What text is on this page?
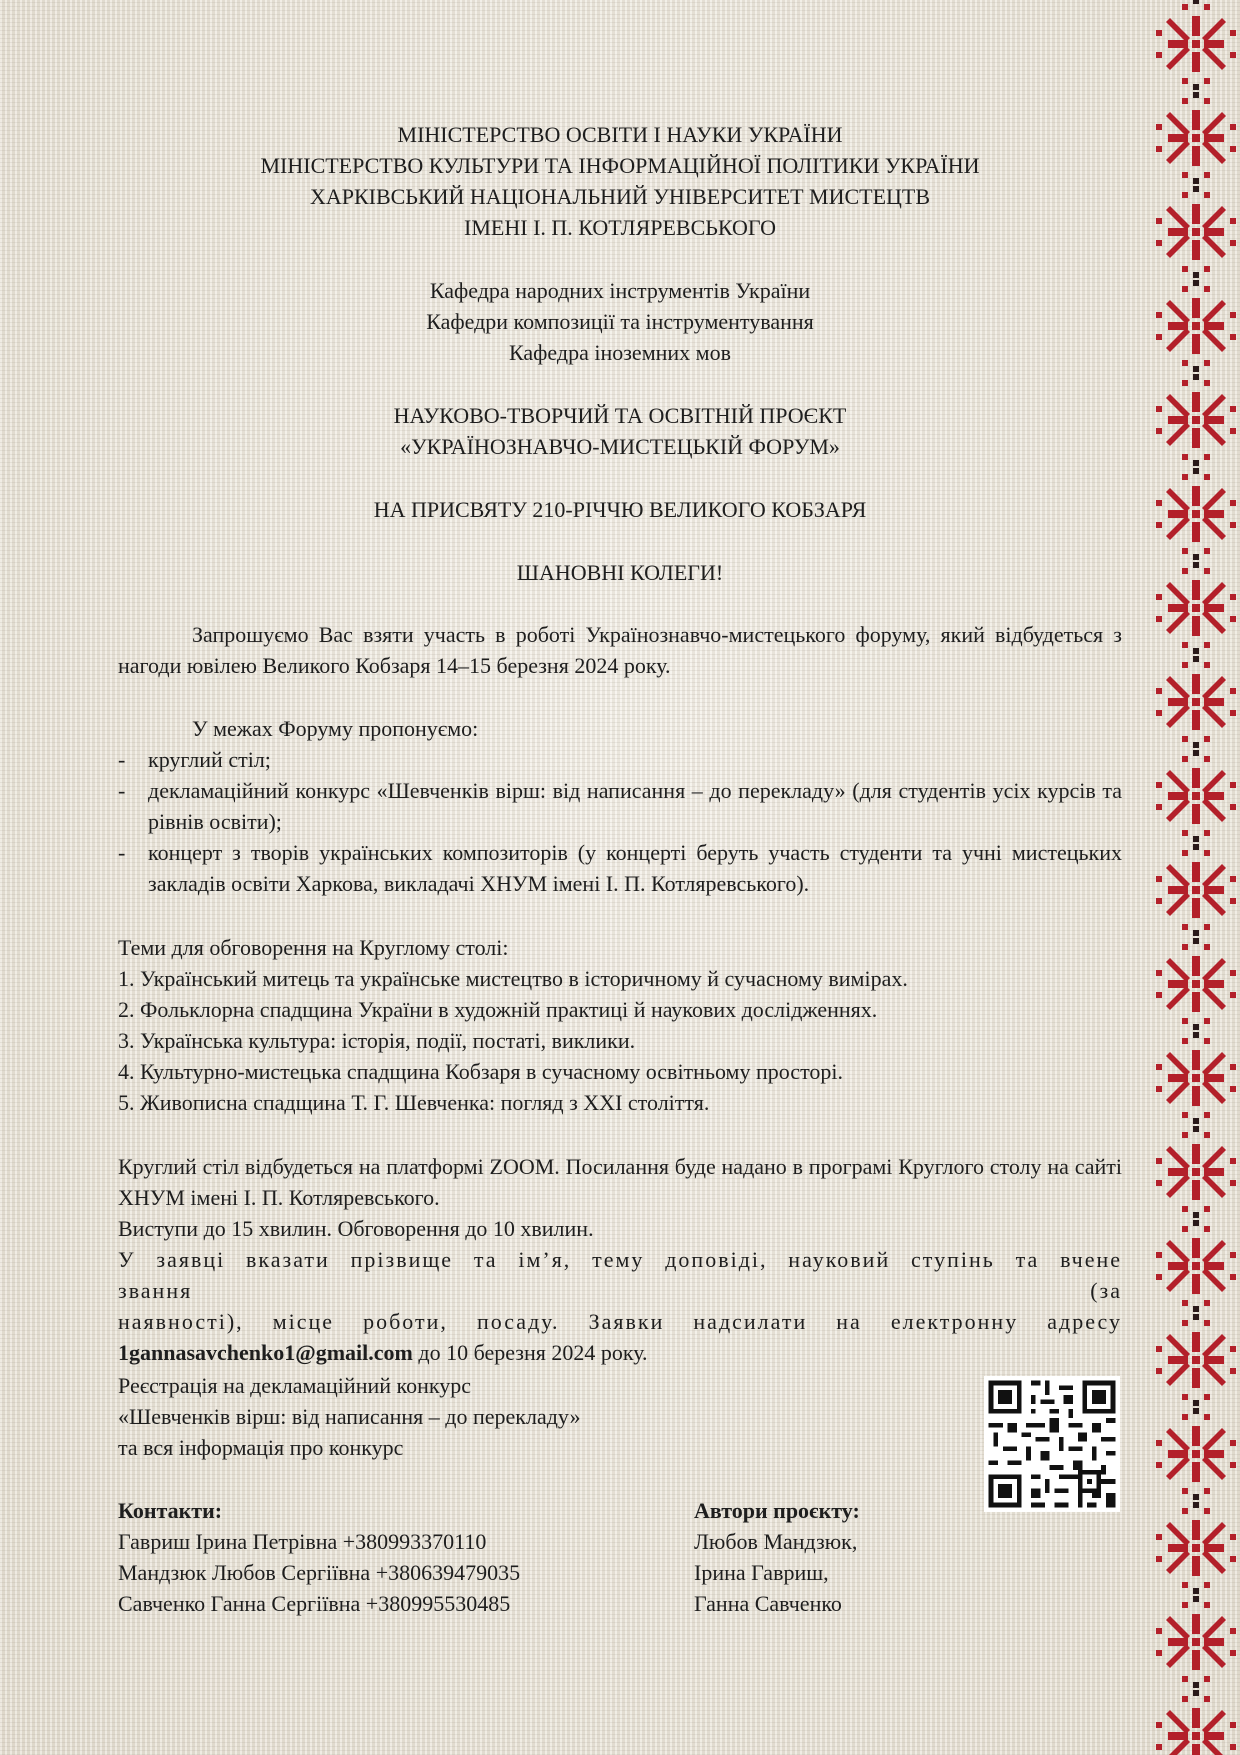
МІНІСТЕРСТВО ОСВІТИ І НАУКИ УКРАЇНИ
МІНІСТЕРСТВО КУЛЬТУРИ ТА ІНФОРМАЦІЙНОЇ ПОЛІТИКИ УКРАЇНИ
ХАРКІВСЬКИЙ НАЦІОНАЛЬНИЙ УНІВЕРСИТЕТ МИСТЕЦТВ
ІМЕНІ І. П. КОТЛЯРЕВСЬКОГО
Кафедра народних інструментів України
Кафедри композиції та інструментування
Кафедра іноземних мов
НАУКОВО-ТВОРЧИЙ ТА ОСВІТНІЙ ПРОЄКТ
«УКРАЇНОЗНАВЧО-МИСТЕЦЬКІЙ ФОРУМ»
НА ПРИСВЯТУ 210-РІЧЧЮ ВЕЛИКОГО КОБЗАРЯ
ШАНОВНІ КОЛЕГИ!
Запрошуємо Вас взяти участь в роботі Українознавчо-мистецького форуму, який відбудеться з нагоди ювілею Великого Кобзаря 14–15 березня 2024 року.
У межах Форуму пропонуємо:
- круглий стіл;
- декламаційний конкурс «Шевченків вірш: від написання – до перекладу» (для студентів усіх курсів та рівнів освіти);
- концерт з творів українських композиторів (у концерті беруть участь студенти та учні мистецьких закладів освіти Харкова, викладачі ХНУМ імені І. П. Котляревського).
Теми для обговорення на Круглому столі:
1. Український митець та українське мистецтво в історичному й сучасному вимірах.
2. Фольклорна спадщина України в художній практиці й наукових дослідженнях.
3. Українська культура: історія, події, постаті, виклики.
4. Культурно-мистецька спадщина Кобзаря в сучасному освітньому просторі.
5. Живописна спадщина Т. Г. Шевченка: погляд з ХХІ століття.
Круглий стіл відбудеться на платформі ZOOM. Посилання буде надано в програмі Круглого столу на сайті ХНУМ імені І. П. Котляревського.
Виступи до 15 хвилин. Обговорення до 10 хвилин.
У заявці вказати прізвище та ім’я, тему доповіді, науковий ступінь та вчене звання (за
наявності), місце роботи, посаду. Заявки надсилати на електронну адресу
1gannasavchenko1@gmail.com до 10 березня 2024 року.
Реєстрація на декламаційний конкурс
«Шевченків вірш: від написання – до перекладу»
та вся інформація про конкурс
Контакти:
Гавриш Ірина Петрівна +380993370110
Мандзюк Любов Сергіївна +380639479035
Савченко Ганна Сергіївна +380995530485
Автори проєкту:
Любов Мандзюк,
Ірина Гавриш,
Ганна Савченко
